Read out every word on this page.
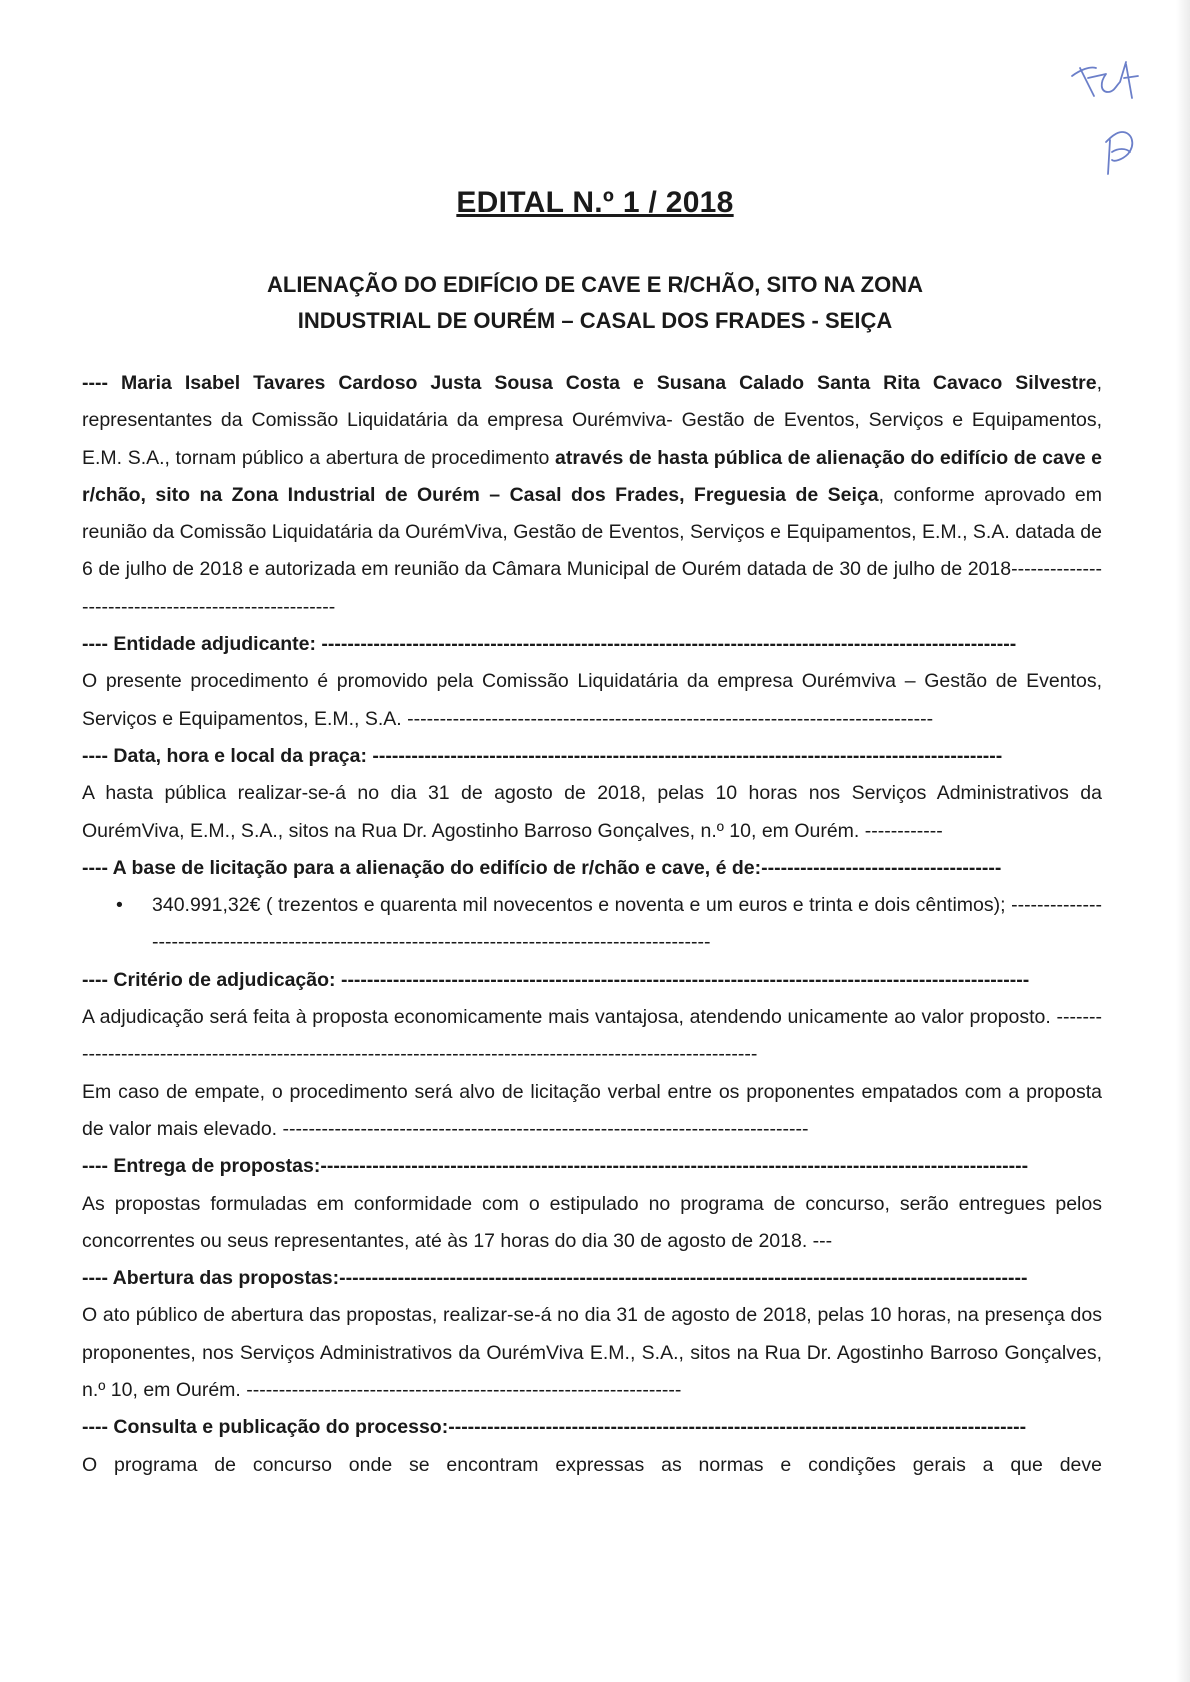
EDITAL N.º 1 / 2018
ALIENAÇÃO DO EDIFÍCIO DE CAVE E R/CHÃO, SITO NA ZONA
INDUSTRIAL DE OURÉM – CASAL DOS FRADES - SEIÇA

---- Maria Isabel Tavares Cardoso Justa Sousa Costa e Susana Calado Santa Rita Cavaco Silvestre, representantes da Comissão Liquidatária da empresa Ourémviva- Gestão de Eventos, Serviços e Equipamentos, E.M. S.A., tornam público a abertura de procedimento através de hasta pública de alienação do edifício de cave e r/chão, sito na Zona Industrial de Ourém – Casal dos Frades, Freguesia de Seiça, conforme aprovado em reunião da Comissão Liquidatária da OurémViva, Gestão de Eventos, Serviços e Equipamentos, E.M., S.A. datada de 6 de julho de 2018 e autorizada em reunião da Câmara Municipal de Ourém datada de 30 de julho de 2018-----------------------------------------------------

---- Entidade adjudicante: -----------------------------------------------------------------------------------------------------------

O presente procedimento é promovido pela Comissão Liquidatária da empresa Ourémviva – Gestão de Eventos, Serviços e Equipamentos, E.M., S.A. ---------------------------------------------------------------------------------

---- Data, hora e local da praça: -------------------------------------------------------------------------------------------------

A hasta pública realizar-se-á no dia 31 de agosto de 2018, pelas 10 horas nos Serviços Administrativos da OurémViva, E.M., S.A., sitos na Rua Dr. Agostinho Barroso Gonçalves, n.º 10, em Ourém. ------------

---- A base de licitação para a alienação do edifício de r/chão e cave, é de:-------------------------------------

• 340.991,32€ ( trezentos e quarenta mil novecentos e noventa e um euros e trinta e dois cêntimos); ----------------------------------------------------------------------------------------------------

---- Critério de adjudicação: ----------------------------------------------------------------------------------------------------------

A adjudicação será feita à proposta economicamente mais vantajosa, atendendo unicamente ao valor proposto. ---------------------------------------------------------------------------------------------------------------

Em caso de empate, o procedimento será alvo de licitação verbal entre os proponentes empatados com a proposta de valor mais elevado. ---------------------------------------------------------------------------------

---- Entrega de propostas:-------------------------------------------------------------------------------------------------------------

As propostas formuladas em conformidade com o estipulado no programa de concurso, serão entregues pelos concorrentes ou seus representantes, até às 17 horas do dia 30 de agosto de 2018. ---

---- Abertura das propostas:----------------------------------------------------------------------------------------------------------

O ato público de abertura das propostas, realizar-se-á no dia 31 de agosto de 2018, pelas 10 horas, na presença dos proponentes, nos Serviços Administrativos da OurémViva E.M., S.A., sitos na Rua Dr. Agostinho Barroso Gonçalves, n.º 10, em Ourém. -------------------------------------------------------------------

---- Consulta e publicação do processo:-----------------------------------------------------------------------------------------

O programa de concurso onde se encontram expressas as normas e condições gerais a que deve
